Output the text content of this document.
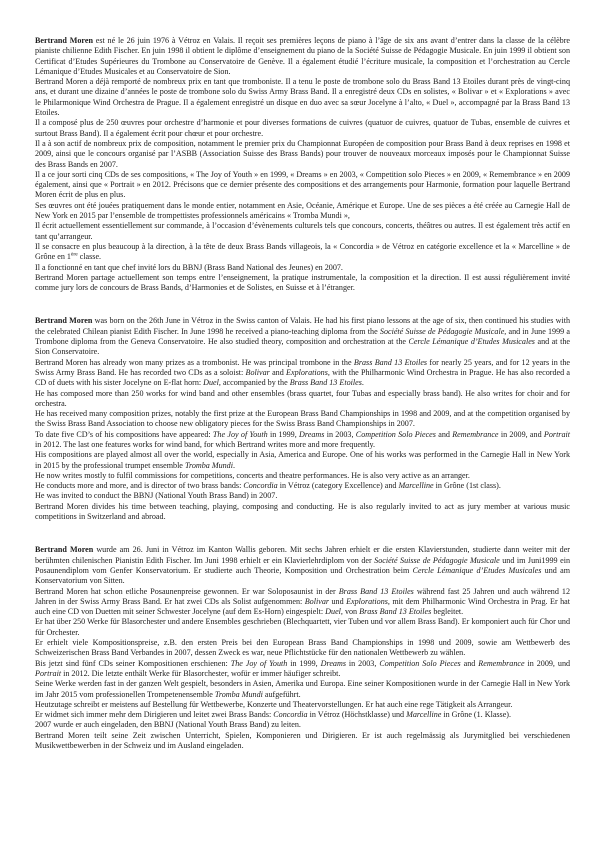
Bertrand Moren est né le 26 juin 1976 à Vétroz en Valais. Il reçoit ses premières leçons de piano à l’âge de six ans avant d’entrer dans la classe de la célèbre pianiste chilienne Edith Fischer. En juin 1998 il obtient le diplôme d’enseignement du piano de la Société Suisse de Pédagogie Musicale. En juin 1999 il obtient son Certificat d’Etudes Supérieures du Trombone au Conservatoire de Genève. Il a également étudié l’écriture musicale, la composition et l’orchestration au Cercle Lémanique d’Etudes Musicales et au Conservatoire de Sion.

Bertrand Moren a déjà remporté de nombreux prix en tant que tromboniste. Il a tenu le poste de trombone solo du Brass Band 13 Etoiles durant près de vingt-cinq ans, et durant une dizaine d’années le poste de trombone solo du Swiss Army Brass Band. Il a enregistré deux CDs en solistes, « Bolivar » et « Explorations » avec le Philarmonique Wind Orchestra de Prague. Il a également enregistré un disque en duo avec sa sœur Jocelyne à l’alto, « Duel », accompagné par la Brass Band 13 Etoiles.

Il a composé plus de 250 œuvres pour orchestre d’harmonie et pour diverses formations de cuivres (quatuor de cuivres, quatuor de Tubas, ensemble de cuivres et surtout Brass Band). Il a également écrit pour chœur et pour orchestre.

Il a à son actif de nombreux prix de composition, notamment le premier prix du Championnat Européen de composition pour Brass Band à deux reprises en 1998 et 2009, ainsi que le concours organisé par l’ASBB (Association Suisse des Brass Bands) pour trouver de nouveaux morceaux imposés pour le Championnat Suisse des Brass Bands en 2007.

Il a ce jour sorti cinq CDs de ses compositions, « The Joy of Youth » en 1999, « Dreams » en 2003, « Competition solo Pieces » en 2009, « Remembrance » en 2009 également, ainsi que « Portrait » en 2012. Précisons que ce dernier présente des compositions et des arrangements pour Harmonie, formation pour laquelle Bertrand Moren écrit de plus en plus.

Ses œuvres ont été jouées pratiquement dans le monde entier, notamment en Asie, Océanie, Amérique et Europe. Une de ses pièces a été créée au Carnegie Hall de New York en 2015 par l’ensemble de trompettistes professionnels américains « Tromba Mundi »,

Il écrit actuellement essentiellement sur commande, à l’occasion d’évènements culturels tels que concours, concerts, théâtres ou autres. Il est également très actif en tant qu’arrangeur.

Il se consacre en plus beaucoup à la direction, à la tête de deux Brass Bands villageois, la « Concordia » de Vétroz en catégorie excellence et la « Marcelline » de Grône en 1ère classe.

Il a fonctionné en tant que chef invité lors du BBNJ (Brass Band National des Jeunes) en 2007.

Bertrand Moren partage actuellement son temps entre l’enseignement, la pratique instrumentale, la composition et la direction. Il est aussi régulièrement invité comme jury lors de concours de Brass Bands, d’Harmonies et de Solistes, en Suisse et à l’étranger.

Bertrand Moren was born on the 26th June in Vétroz in the Swiss canton of Valais. He had his first piano lessons at the age of six, then continued his studies with the celebrated Chilean pianist Edith Fischer. In June 1998 he received a piano-teaching diploma from the Société Suisse de Pédagogie Musicale, and in June 1999 a Trombone diploma from the Geneva Conservatoire. He also studied theory, composition and orchestration at the Cercle Lémanique d’Etudes Musicales and at the Sion Conservatoire.

Bertrand Moren has already won many prizes as a trombonist. He was principal trombone in the Brass Band 13 Etoiles for nearly 25 years, and for 12 years in the Swiss Army Brass Band. He has recorded two CDs as a soloist: Bolivar and Explorations, with the Philharmonic Wind Orchestra in Prague. He has also recorded a CD of duets with his sister Jocelyne on E-flat horn: Duel, accompanied by the Brass Band 13 Etoiles.

He has composed more than 250 works for wind band and other ensembles (brass quartet, four Tubas and especially brass band). He also writes for choir and for orchestra.

He has received many composition prizes, notably the first prize at the European Brass Band Championships in 1998 and 2009, and at the competition organised by the Swiss Brass Band Association to choose new obligatory pieces for the Swiss Brass Band Championships in 2007.

To date five CD’s of his compositions have appeared: The Joy of Youth in 1999, Dreams in 2003, Competition Solo Pieces and Remembrance in 2009, and Portrait in 2012. The last one features works for wind band, for which Bertrand writes more and more frequently.

His compositions are played almost all over the world, especially in Asia, America and Europe. One of his works was performed in the Carnegie Hall in New York in 2015 by the professional trumpet ensemble Tromba Mundi.

He now writes mostly to fulfil commissions for competitions, concerts and theatre performances. He is also very active as an arranger.

He conducts more and more, and is director of two brass bands: Concordia in Vétroz (category Excellence) and Marcelline in Grône (1st class).

He was invited to conduct the BBNJ (National Youth Brass Band) in 2007.

Bertrand Moren divides his time between teaching, playing, composing and conducting. He is also regularly invited to act as jury member at various music competitions in Switzerland and abroad.

Bertrand Moren wurde am 26. Juni in Vétroz im Kanton Wallis geboren. Mit sechs Jahren erhielt er die ersten Klavierstunden, studierte dann weiter mit der berühmten chilenischen Pianistin Edith Fischer. Im Juni 1998 erhielt er ein Klavierlehrdiplom von der Société Suisse de Pédagogie Musicale und im Juni1999 ein Posaunendiplom vom Genfer Konservatorium. Er studierte auch Theorie, Komposition und Orchestration beim Cercle Lémanique d’Etudes Musicales und am Konservatorium von Sitten.

Bertrand Moren hat schon etliche Posaunenpreise gewonnen. Er war Soloposaunist in der Brass Band 13 Etoiles während fast 25 Jahren und auch während 12 Jahren in der Swiss Army Brass Band. Er hat zwei CDs als Solist aufgenommen: Bolivar und Explorations, mit dem Philharmonic Wind Orchestra in Prag. Er hat auch eine CD von Duetten mit seiner Schwester Jocelyne (auf dem Es-Horn) eingespielt: Duel, von Brass Band 13 Etoiles begleitet.

Er hat über 250 Werke für Blasorchester und andere Ensembles geschrieben (Blechquartett, vier Tuben und vor allem Brass Band). Er komponiert auch für Chor und für Orchester.

Er erhielt viele Kompositionspreise, z.B. den ersten Preis bei den European Brass Band Championships in 1998 und 2009, sowie am Wettbewerb des Schweizerischen Brass Band Verbandes in 2007, dessen Zweck es war, neue Pflichtstücke für den nationalen Wettbewerb zu wählen.

Bis jetzt sind fünf CDs seiner Kompositionen erschienen: The Joy of Youth in 1999, Dreams in 2003, Competition Solo Pieces and Remembrance in 2009, und Portrait in 2012. Die letzte enthält Werke für Blasorchester, wofür er immer häufiger schreibt.

Seine Werke werden fast in der ganzen Welt gespielt, besonders in Asien, Amerika und Europa. Eine seiner Kompositionen wurde in der Carnegie Hall in New York im Jahr 2015 vom professionellen Trompetenensemble Tromba Mundi aufgeführt.

Heutzutage schreibt er meistens auf Bestellung für Wettbewerbe, Konzerte und Theatervorstellungen. Er hat auch eine rege Tätigkeit als Arrangeur.

Er widmet sich immer mehr dem Dirigieren und leitet zwei Brass Bands: Concordia in Vétroz (Höchstklasse) und Marcelline in Grône (1. Klasse).

2007 wurde er auch eingeladen, den BBNJ (National Youth Brass Band) zu leiten.

Bertrand Moren teilt seine Zeit zwischen Unterricht, Spielen, Komponieren und Dirigieren. Er ist auch regelmässig als Jurymitglied bei verschiedenen Musikwettbewerben in der Schweiz und im Ausland eingeladen.
